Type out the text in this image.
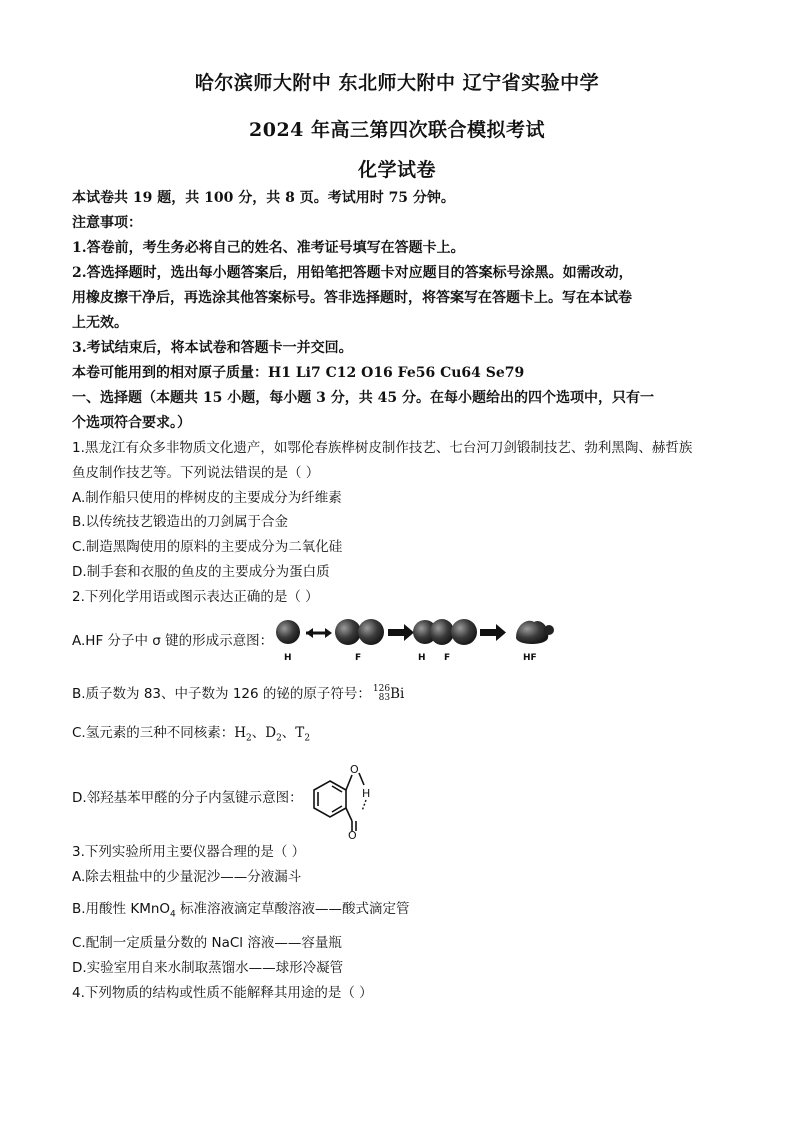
哈尔滨师大附中 东北师大附中 辽宁省实验中学
2024 年高三第四次联合模拟考试
化学试卷
本试卷共 19 题，共 100 分，共 8 页。考试用时 75 分钟。
注意事项：
1.答卷前，考生务必将自己的姓名、准考证号填写在答题卡上。
2.答选择题时，选出每小题答案后，用铅笔把答题卡对应题目的答案标号涂黑。如需改动，
用橡皮擦干净后，再选涂其他答案标号。答非选择题时，将答案写在答题卡上。写在本试卷
上无效。
3.考试结束后，将本试卷和答题卡一并交回。
本卷可能用到的相对原子质量：H1 Li7 C12 O16 Fe56 Cu64 Se79
一、选择题（本题共 15 小题，每小题 3 分，共 45 分。在每小题给出的四个选项中，只有一
个选项符合要求。）
1.黑龙江有众多非物质文化遗产，如鄂伦春族桦树皮制作技艺、七台河刀剑锻制技艺、勃利黑陶、赫哲族
鱼皮制作技艺等。下列说法错误的是（ ）
A.制作船只使用的桦树皮的主要成分为纤维素
B.以传统技艺锻造出的刀剑属于合金
C.制造黑陶使用的原料的主要成分为二氧化硅
D.制手套和衣服的鱼皮的主要成分为蛋白质
2.下列化学用语或图示表达正确的是（ ）
A.HF 分子中 σ 键的形成示意图：
H	F	H F	HF
B.质子数为 83、中子数为 126 的铋的原子符号： 126
83 Bi
C.氢元素的三种不同核素：$H_2$、$D_2$、$T_2$
D.邻羟基苯甲醛的分子内氢键示意图：
O
H
O
3.下列实验所用主要仪器合理的是（ ）
A.除去粗盐中的少量泥沙——分液漏斗
B.用酸性 KMnO$_4$ 标准溶液滴定草酸溶液——酸式滴定管
C.配制一定质量分数的 NaCl 溶液——容量瓶
D.实验室用自来水制取蒸馏水——球形冷凝管
4.下列物质的结构或性质不能解释其用途的是（ ）
